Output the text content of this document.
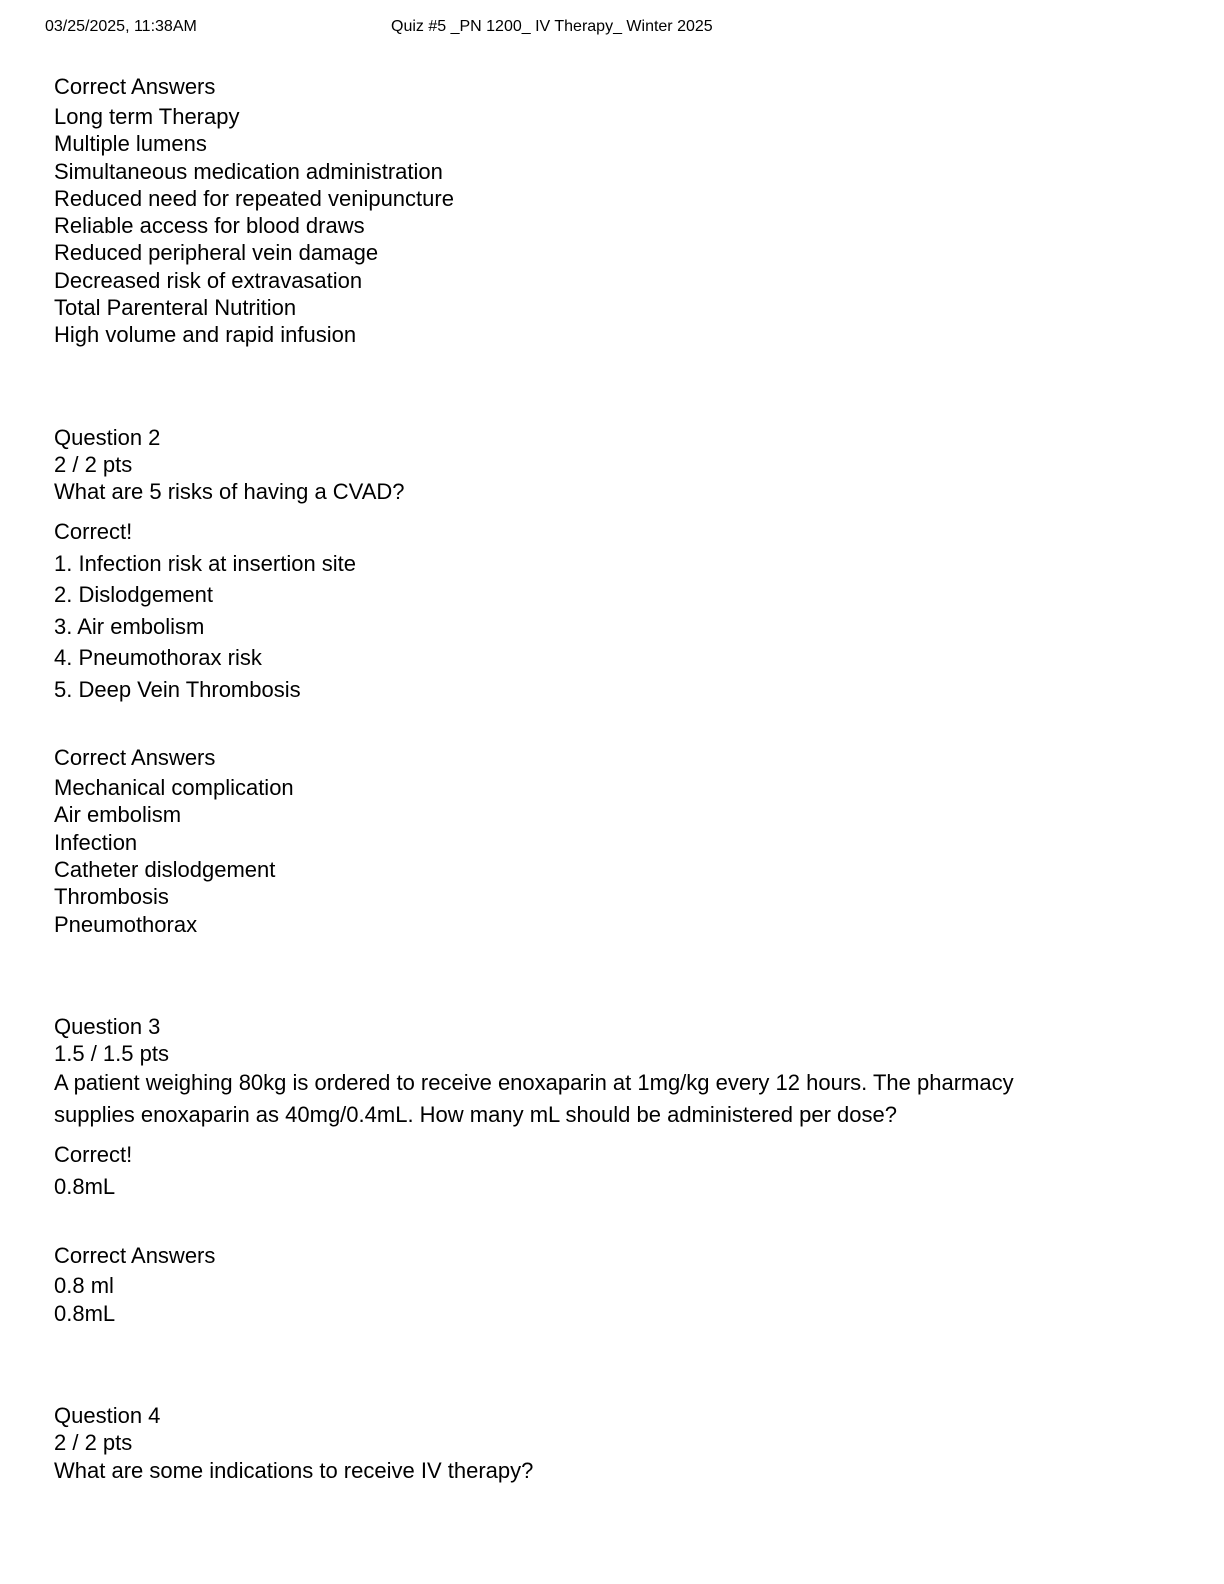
03/25/2025, 11:38AM	Quiz #5 _PN 1200_ IV Therapy_ Winter 2025

Correct Answers

Long term Therapy
Multiple lumens
Simultaneous medication administration
Reduced need for repeated venipuncture
Reliable access for blood draws
Reduced peripheral vein damage
Decreased risk of extravasation
Total Parenteral Nutrition
High volume and rapid infusion

Question 2

2 / 2 pts

What are 5 risks of having a CVAD?

Correct!

1. Infection risk at insertion site
2. Dislodgement
3. Air embolism
4. Pneumothorax risk
5. Deep Vein Thrombosis

Correct Answers

Mechanical complication
Air embolism
Infection
Catheter dislodgement
Thrombosis
Pneumothorax

Question 3

1.5 / 1.5 pts

A patient weighing 80kg is ordered to receive enoxaparin at 1mg/kg every 12 hours. The pharmacy

supplies enoxaparin as 40mg/0.4mL. How many mL should be administered per dose?

Correct!

0.8mL

Correct Answers

0.8 ml
0.8mL

Question 4

2 / 2 pts

What are some indications to receive IV therapy?
